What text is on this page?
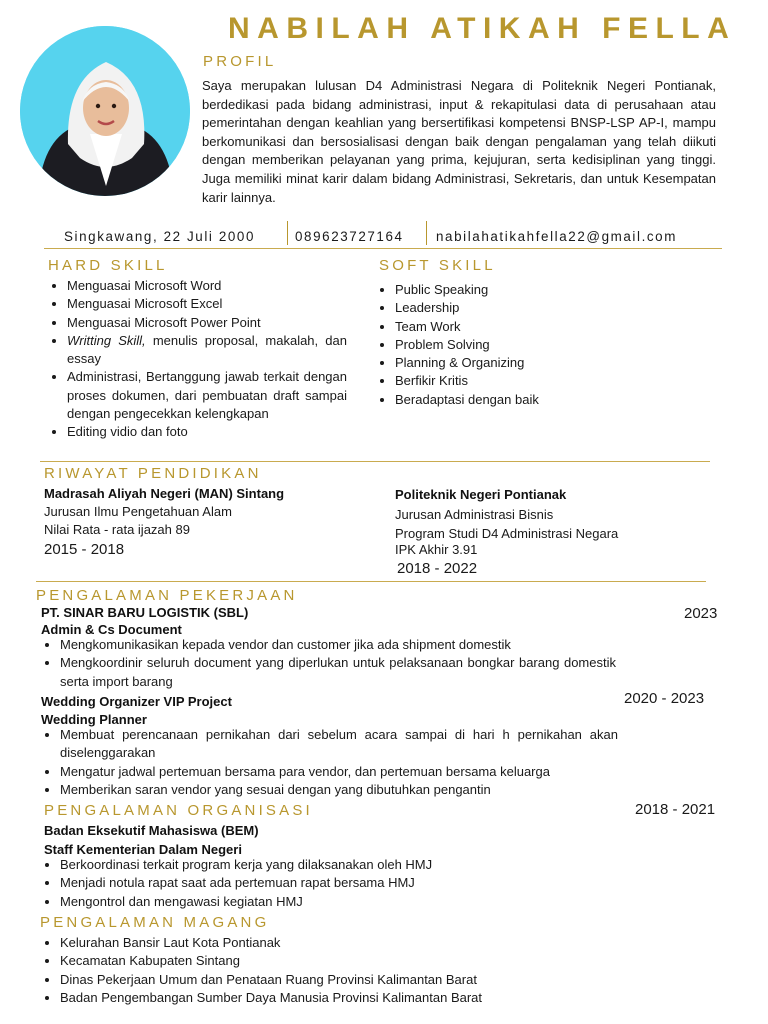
NABILAH ATIKAH FELLA
PROFIL
Saya merupakan lulusan D4 Administrasi Negara di Politeknik Negeri Pontianak, berdedikasi pada bidang administrasi, input & rekapitulasi data di perusahaan atau pemerintahan dengan keahlian yang bersertifikasi kompetensi BNSP-LSP AP-I, mampu berkomunikasi dan bersosialisasi dengan baik dengan pengalaman yang telah diikuti dengan memberikan pelayanan yang prima, kejujuran, serta kedisiplinan yang tinggi. Juga memiliki minat karir dalam bidang Administrasi, Sekretaris, dan untuk Kesempatan karir lainnya.
Singkawang, 22 Juli 2000	089623727164 nabilahatikahfella22@gmail.com
HARD SKILL
• Menguasai Microsoft Word
• Menguasai Microsoft Excel
• Menguasai Microsoft Power Point
• Writting Skill, menulis proposal, makalah, dan essay
• Administrasi, Bertanggung jawab terkait dengan proses dokumen, dari pembuatan draft sampai dengan pengecekkan kelengkapan
• Editing vidio dan foto
SOFT SKILL
• Public Speaking
• Leadership
• Team Work
• Problem Solving
• Planning & Organizing
• Berfikir Kritis
• Beradaptasi dengan baik
RIWAYAT PENDIDIKAN
Madrasah Aliyah Negeri (MAN) Sintang
Jurusan Ilmu Pengetahuan Alam
Nilai Rata - rata ijazah 89
2015 - 2018
Politeknik Negeri Pontianak
Jurusan Administrasi Bisnis
Program Studi D4 Administrasi Negara
IPK Akhir 3.91
2018 - 2022
PENGALAMAN PEKERJAAN
PT. SINAR BARU LOGISTIK (SBL)	2023
Admin & Cs Document
• Mengkomunikasikan kepada vendor dan customer jika ada shipment domestik
• Mengkoordinir seluruh document yang diperlukan untuk pelaksanaan bongkar barang domestik serta import barang
Wedding Organizer VIP Project	2020 - 2023
Wedding Planner
• Membuat perencanaan pernikahan dari sebelum acara sampai di hari h pernikahan akan diselenggarakan
• Mengatur jadwal pertemuan bersama para vendor, dan pertemuan bersama keluarga
• Memberikan saran vendor yang sesuai dengan yang dibutuhkan pengantin
PENGALAMAN ORGANISASI	2018 - 2021
Badan Eksekutif Mahasiswa (BEM)
Staff Kementerian Dalam Negeri
• Berkoordinasi terkait program kerja yang dilaksanakan oleh HMJ
• Menjadi notula rapat saat ada pertemuan rapat bersama HMJ
• Mengontrol dan mengawasi kegiatan HMJ
PENGALAMAN MAGANG
• Kelurahan Bansir Laut Kota Pontianak
• Kecamatan Kabupaten Sintang
• Dinas Pekerjaan Umum dan Penataan Ruang Provinsi Kalimantan Barat
• Badan Pengembangan Sumber Daya Manusia Provinsi Kalimantan Barat
